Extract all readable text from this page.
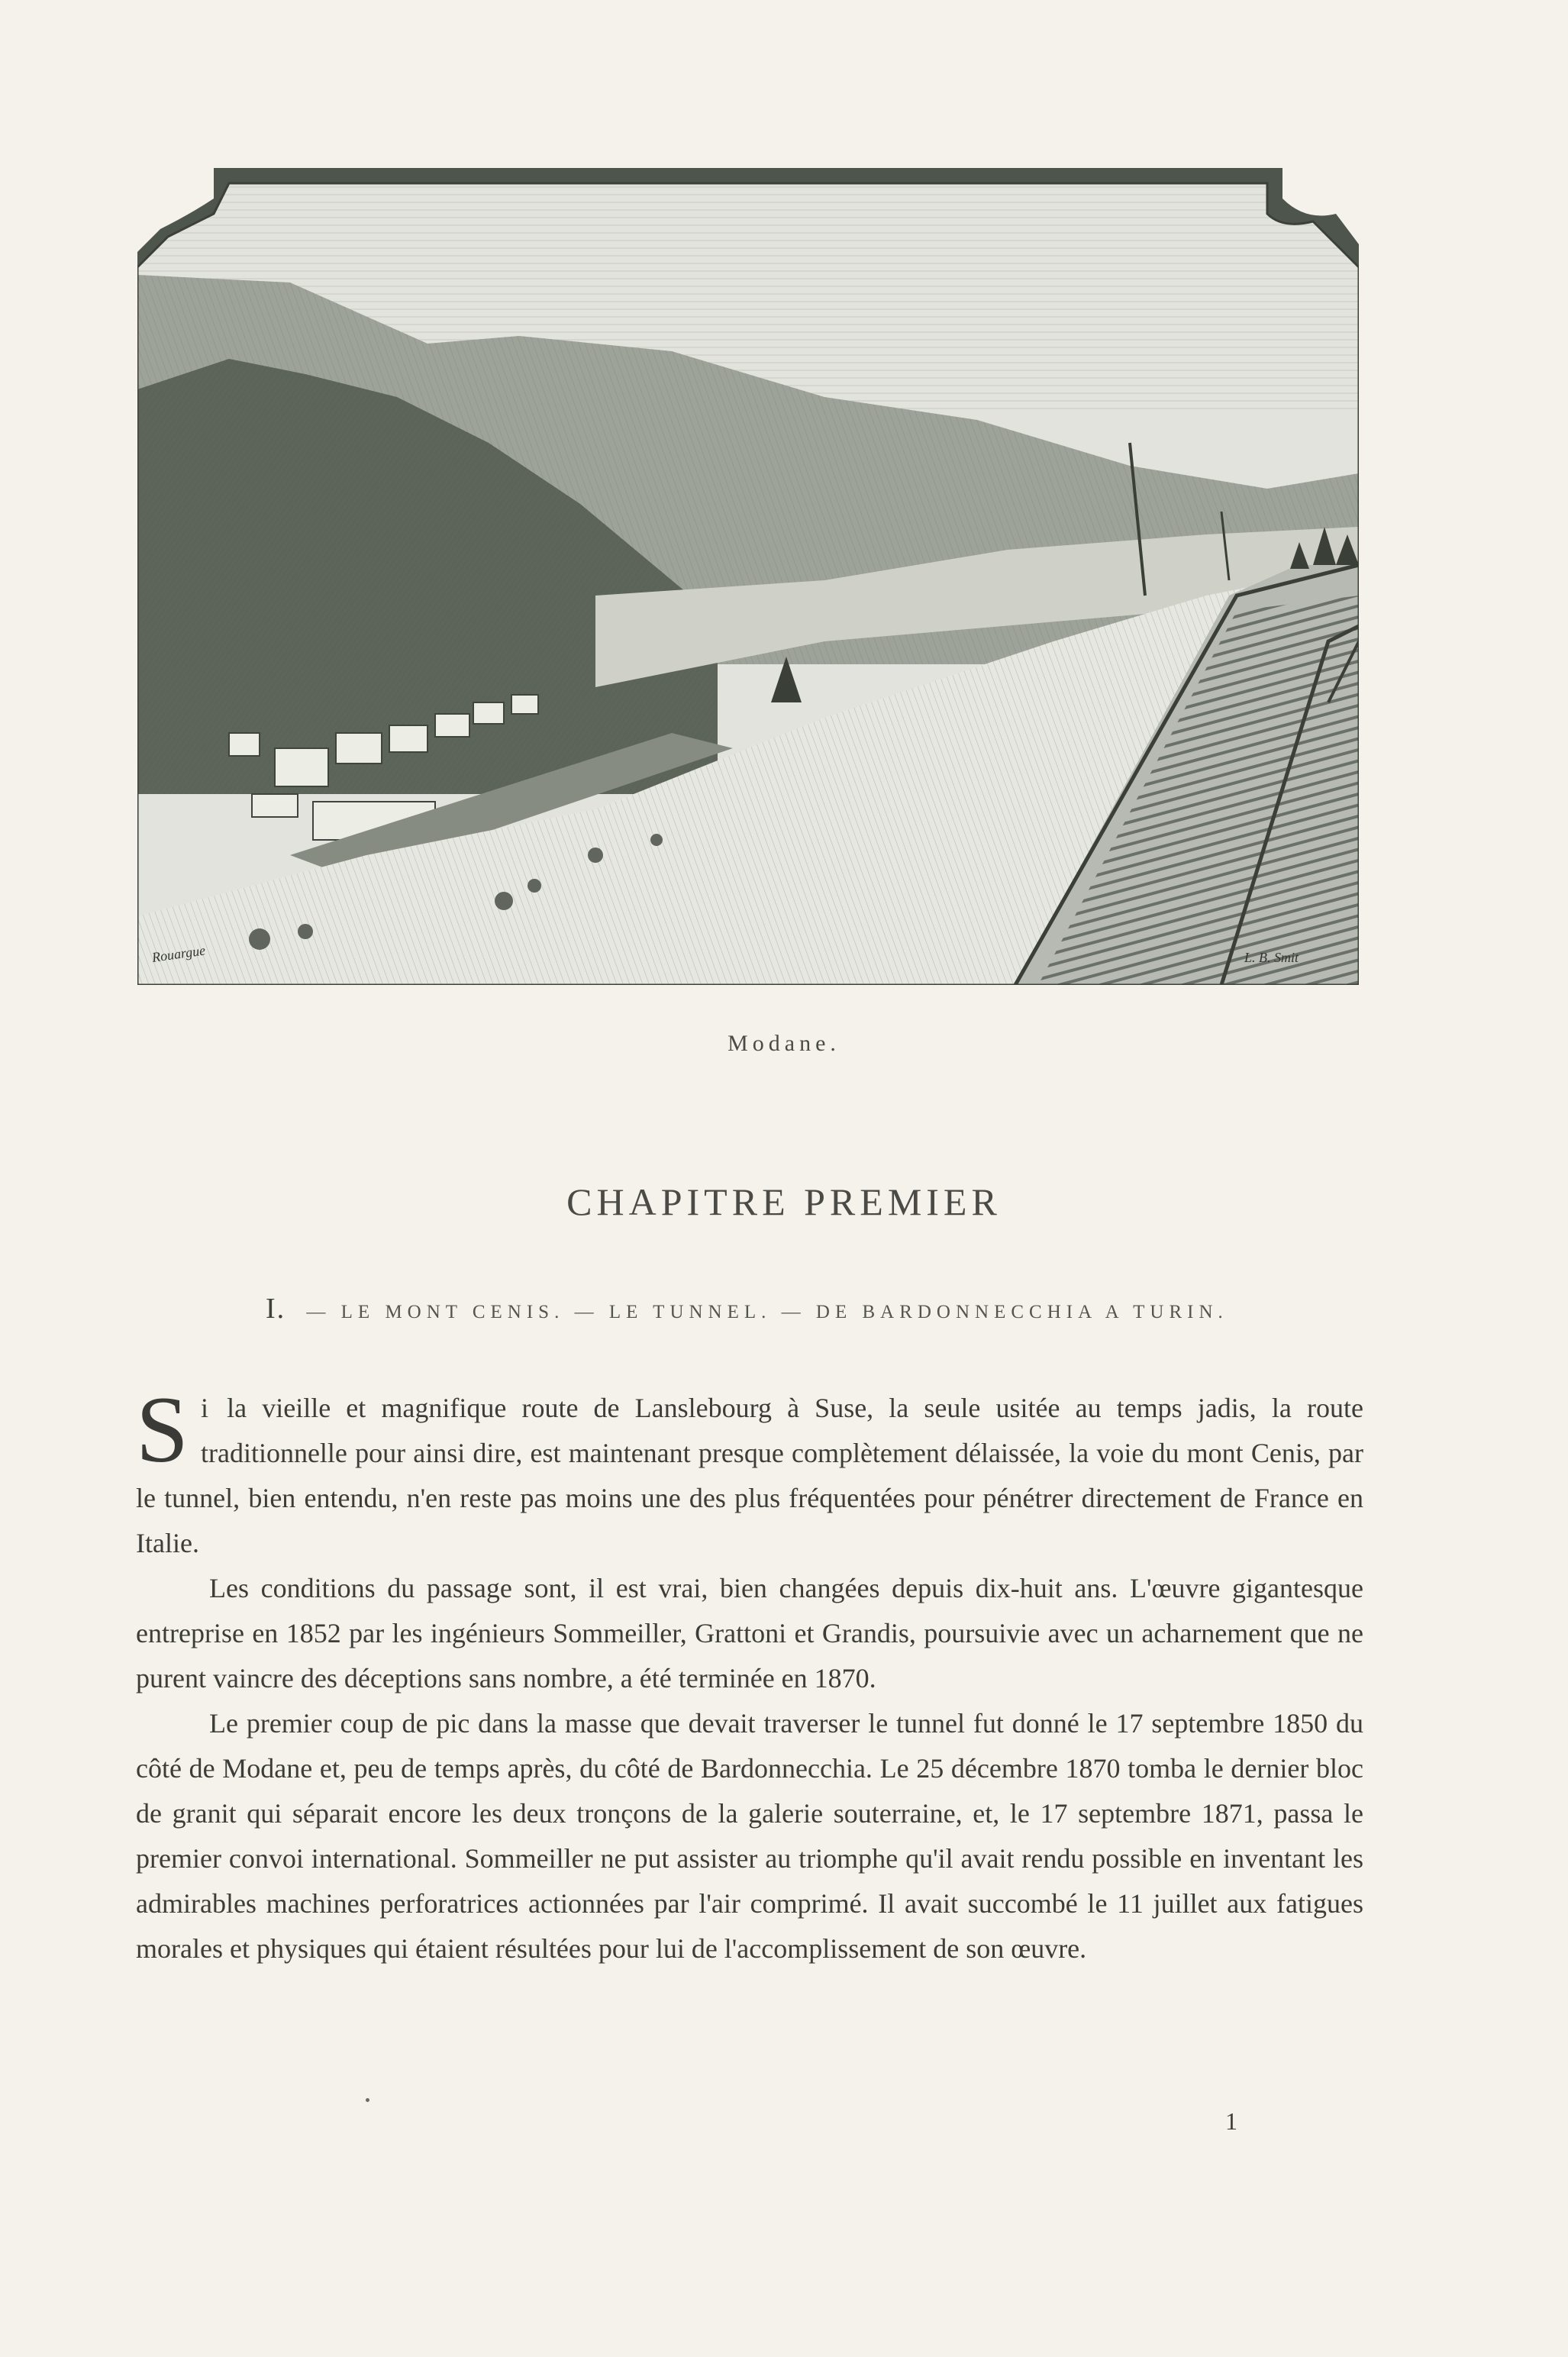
Rouargue	L. B. Smit
Modane.
CHAPITRE PREMIER
I. — LE MONT CENIS. — LE TUNNEL. — DE BARDONNECCHIA A TURIN.

Si la vieille et magnifique route de Lanslebourg à Suse, la seule usitée au temps jadis, la route traditionnelle pour ainsi dire, est maintenant presque complètement délaissée, la voie du mont Cenis, par le tunnel, bien entendu, n'en reste pas moins une des plus fréquentées pour pénétrer directement de France en Italie.

Les conditions du passage sont, il est vrai, bien changées depuis dix-huit ans. L'œuvre gigantesque entreprise en 1852 par les ingénieurs Sommeiller, Grattoni et Grandis, poursuivie avec un acharnement que ne purent vaincre des déceptions sans nombre, a été terminée en 1870.

Le premier coup de pic dans la masse que devait traverser le tunnel fut donné le 17 septembre 1850 du côté de Modane et, peu de temps après, du côté de Bardonnecchia. Le 25 décembre 1870 tomba le dernier bloc de granit qui séparait encore les deux tronçons de la galerie souterraine, et, le 17 septembre 1871, passa le premier convoi international. Sommeiller ne put assister au triomphe qu'il avait rendu possible en inventant les admirables machines perforatrices actionnées par l'air comprimé. Il avait succombé le 11 juillet aux fatigues morales et physiques qui étaient résultées pour lui de l'accomplissement de son œuvre.

1
